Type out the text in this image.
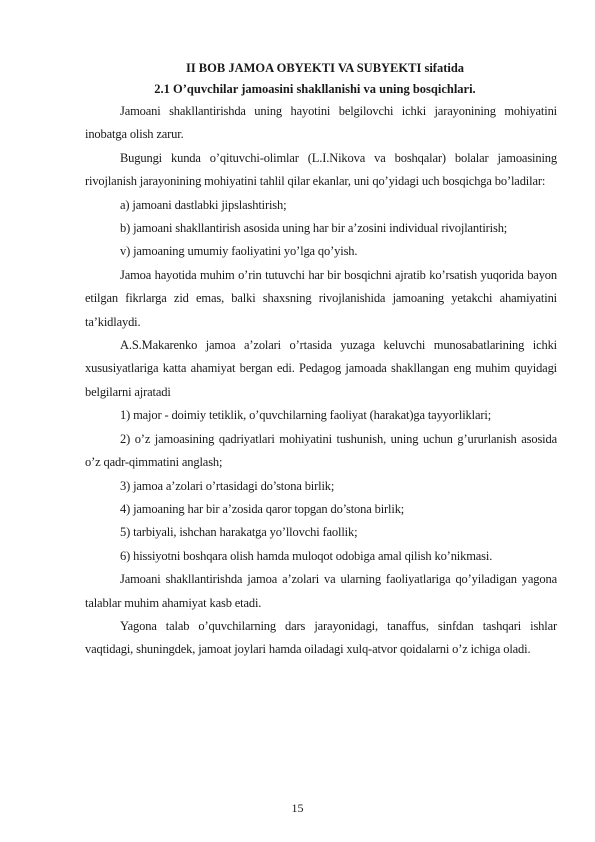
II BOB JAMOA OBYEKTI VA SUBYEKTI sifatida

2.1 O’quvchilar jamoasini shakllanishi va uning bosqichlari.

Jamoani shakllantirishda uning hayotini belgilovchi ichki jarayonining mohiyatini inobatga olish zarur.

Bugungi kunda o’qituvchi-olimlar (L.I.Nikova va boshqalar) bolalar jamoasining rivojlanish jarayonining mohiyatini tahlil qilar ekanlar, uni qo’yidagi uch bosqichga bo’ladilar:

a) jamoani dastlabki jipslashtirish;

b) jamoani shakllantirish asosida uning har bir a’zosini individual rivojlantirish;

v) jamoaning umumiy faoliyatini yo’lga qo’yish.

Jamoa hayotida muhim o’rin tutuvchi har bir bosqichni ajratib ko’rsatish yuqorida bayon etilgan fikrlarga zid emas, balki shaxsning rivojlanishida jamoaning yetakchi ahamiyatini ta’kidlaydi.

A.S.Makarenko jamoa a’zolari o’rtasida yuzaga keluvchi munosabatlarining ichki xususiyatlariga katta ahamiyat bergan edi. Pedagog jamoada shakllangan eng muhim quyidagi belgilarni ajratadi

1) major - doimiy tetiklik, o’quvchilarning faoliyat (harakat)ga tayyorliklari;

2) o’z jamoasining qadriyatlari mohiyatini tushunish, uning uchun g’ururlanish asosida o’z qadr-qimmatini anglash;

3) jamoa a’zolari o’rtasidagi do’stona birlik;

4) jamoaning har bir a’zosida qaror topgan do’stona birlik;

5) tarbiyali, ishchan harakatga yo’llovchi faollik;

6) hissiyotni boshqara olish hamda muloqot odobiga amal qilish ko’nikmasi.

Jamoani shakllantirishda jamoa a’zolari va ularning faoliyatlariga qo’yiladigan yagona talablar muhim ahamiyat kasb etadi.

Yagona talab o’quvchilarning dars jarayonidagi, tanaffus, sinfdan tashqari ishlar vaqtidagi, shuningdek, jamoat joylari hamda oiladagi xulq-atvor qoidalarni o’z ichiga oladi.

15
